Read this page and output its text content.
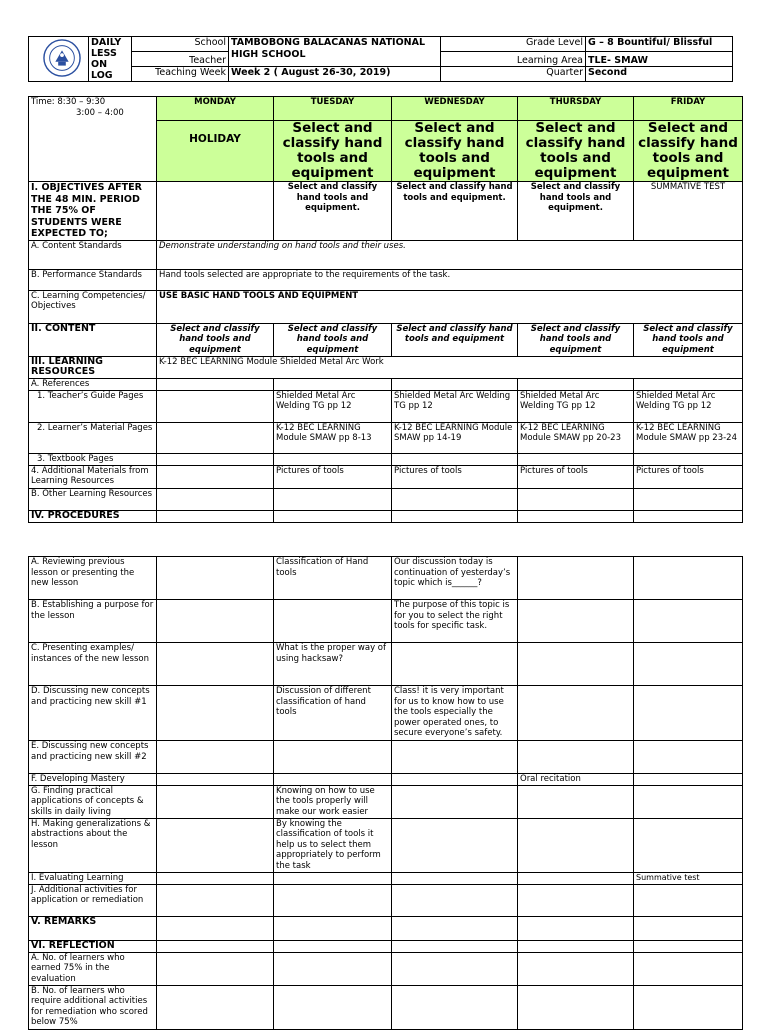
DAILY
LESS
ON
LOG	School	TAMBOBONG BALACANAS NATIONAL HIGH SCHOOL	Grade Level	G – 8 Bountiful/ Blissful
		Teacher		Learning Area	TLE- SMAW
		Teaching Week	Week 2 ( August 26-30, 2019)	Quarter	Second
Time: 8:30 – 9:30
3:00 – 4:00	MONDAY	TUESDAY	WEDNESDAY	THURSDAY	FRIDAY
	HOLIDAY	Select and classify hand tools and equipment	Select and classify hand tools and equipment	Select and classify hand tools and equipment	Select and classify hand tools and equipment
I. OBJECTIVES AFTER THE 48 MIN. PERIOD THE 75% OF STUDENTS WERE EXPECTED TO;		Select and classify hand tools and equipment.	Select and classify hand tools and equipment.	Select and classify hand tools and equipment.	SUMMATIVE TEST
A. Content Standards	Demonstrate understanding on hand tools and their uses.				
B. Performance Standards	Hand tools selected are appropriate to the requirements of the task.				
C. Learning Competencies/ Objectives	USE BASIC HAND TOOLS AND EQUIPMENT				
II. CONTENT	Select and classify hand tools and equipment	Select and classify hand tools and equipment	Select and classify hand tools and equipment	Select and classify hand tools and equipment	Select and classify hand tools and equipment
III. LEARNING RESOURCES	K-12 BEC LEARNING Module Shielded Metal Arc Work				
A. References					
1. Teacher’s Guide Pages		Shielded Metal Arc Welding TG pp 12	Shielded Metal Arc Welding TG pp 12	Shielded Metal Arc Welding TG pp 12	Shielded Metal Arc Welding TG pp 12
2. Learner’s Material Pages		K-12 BEC LEARNING Module SMAW pp 8-13	K-12 BEC LEARNING Module SMAW pp 14-19	K-12 BEC LEARNING Module SMAW pp 20-23	K-12 BEC LEARNING Module SMAW pp 23-24
3. Textbook Pages					
4. Additional Materials from Learning Resources		Pictures of tools	Pictures of tools	Pictures of tools	Pictures of tools
B. Other Learning Resources					
IV. PROCEDURES					
A. Reviewing previous lesson or presenting the new lesson		Classification of Hand tools	Our discussion today is continuation of yesterday’s topic which is______?		
B. Establishing a purpose for the lesson			The purpose of this topic is for you to select the right tools for specific task.		
C. Presenting examples/ instances of the new lesson		What is the proper way of using hacksaw?			
D. Discussing new concepts and practicing new skill #1		Discussion of different classification of hand tools	Class! it is very important for us to know how to use the tools especially the power operated ones, to secure everyone’s safety.		
E. Discussing new concepts and practicing new skill #2					
F. Developing Mastery				Oral recitation	
G. Finding practical applications of concepts & skills in daily living		Knowing on how to use the tools properly will make our work easier			
H. Making generalizations & abstractions about the lesson		By knowing the classification of tools it help us to select them appropriately to perform the task			
I. Evaluating Learning					Summative test
J. Additional activities for application or remediation					
V. REMARKS					
VI. REFLECTION					
A. No. of learners who earned 75% in the evaluation					
B. No. of learners who require additional activities for remediation who scored below 75%					
